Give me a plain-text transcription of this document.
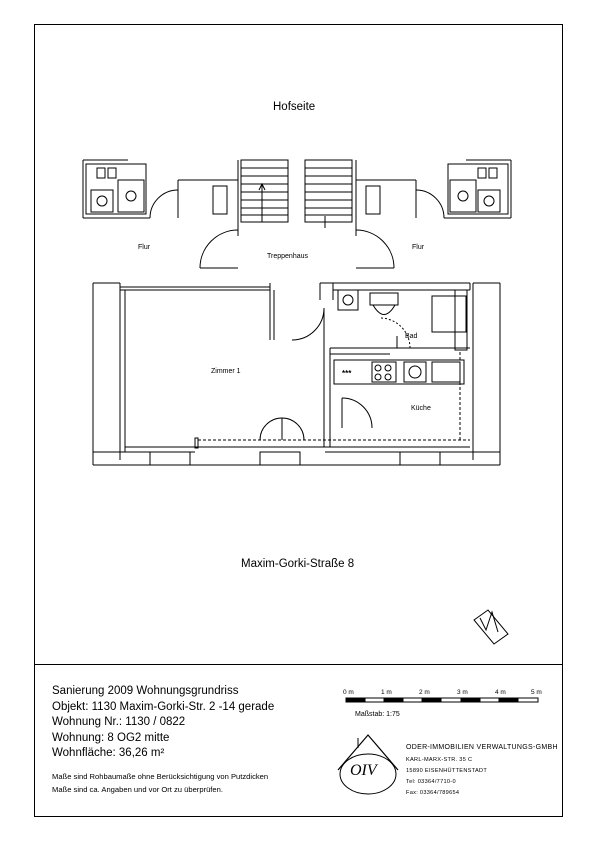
Hofseite
Flur	Flur
Treppenhaus
Zimmer 1
Bad
Küche
***
Maxim-Gorki-Straße 8
Sanierung 2009 Wohnungsgrundriss
Objekt: 1130 Maxim-Gorki-Str. 2 -14 gerade
Wohnung Nr.: 1130 / 0822
Wohnung: 8 OG2 mitte
Wohnfläche: 36,26 m²
Maße sind Rohbaumaße ohne Berücksichtigung von Putzdicken
Maße sind ca. Angaben und vor Ort zu überprüfen.
0 m	1 m	2 m	3 m	4 m	5 m
Maßstab: 1:75
OIV
ODER-IMMOBILIEN VERWALTUNGS-GMBH
KARL-MARX-STR. 35 C
15890 EISENHÜTTENSTADT
Tel: 03364/7710-0
Fax: 03364/789654
